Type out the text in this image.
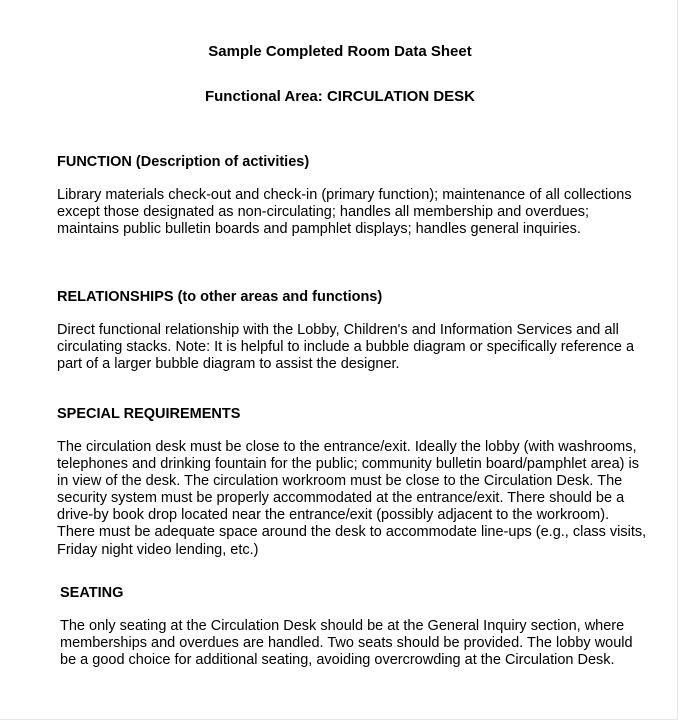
Sample Completed Room Data Sheet
Functional Area: CIRCULATION DESK
FUNCTION (Description of activities)

Library materials check-out and check-in (primary function); maintenance of all collections except those designated as non-circulating; handles all membership and overdues; maintains public bulletin boards and pamphlet displays; handles general inquiries.

RELATIONSHIPS (to other areas and functions)

Direct functional relationship with the Lobby, Children's and Information Services and all circulating stacks. Note: It is helpful to include a bubble diagram or specifically reference a part of a larger bubble diagram to assist the designer.

SPECIAL REQUIREMENTS

The circulation desk must be close to the entrance/exit. Ideally the lobby (with washrooms, telephones and drinking fountain for the public; community bulletin board/pamphlet area) is in view of the desk. The circulation workroom must be close to the Circulation Desk. The security system must be properly accommodated at the entrance/exit. There should be a drive-by book drop located near the entrance/exit (possibly adjacent to the workroom). There must be adequate space around the desk to accommodate line-ups (e.g., class visits, Friday night video lending, etc.)

SEATING

The only seating at the Circulation Desk should be at the General Inquiry section, where memberships and overdues are handled. Two seats should be provided. The lobby would be a good choice for additional seating, avoiding overcrowding at the Circulation Desk.
